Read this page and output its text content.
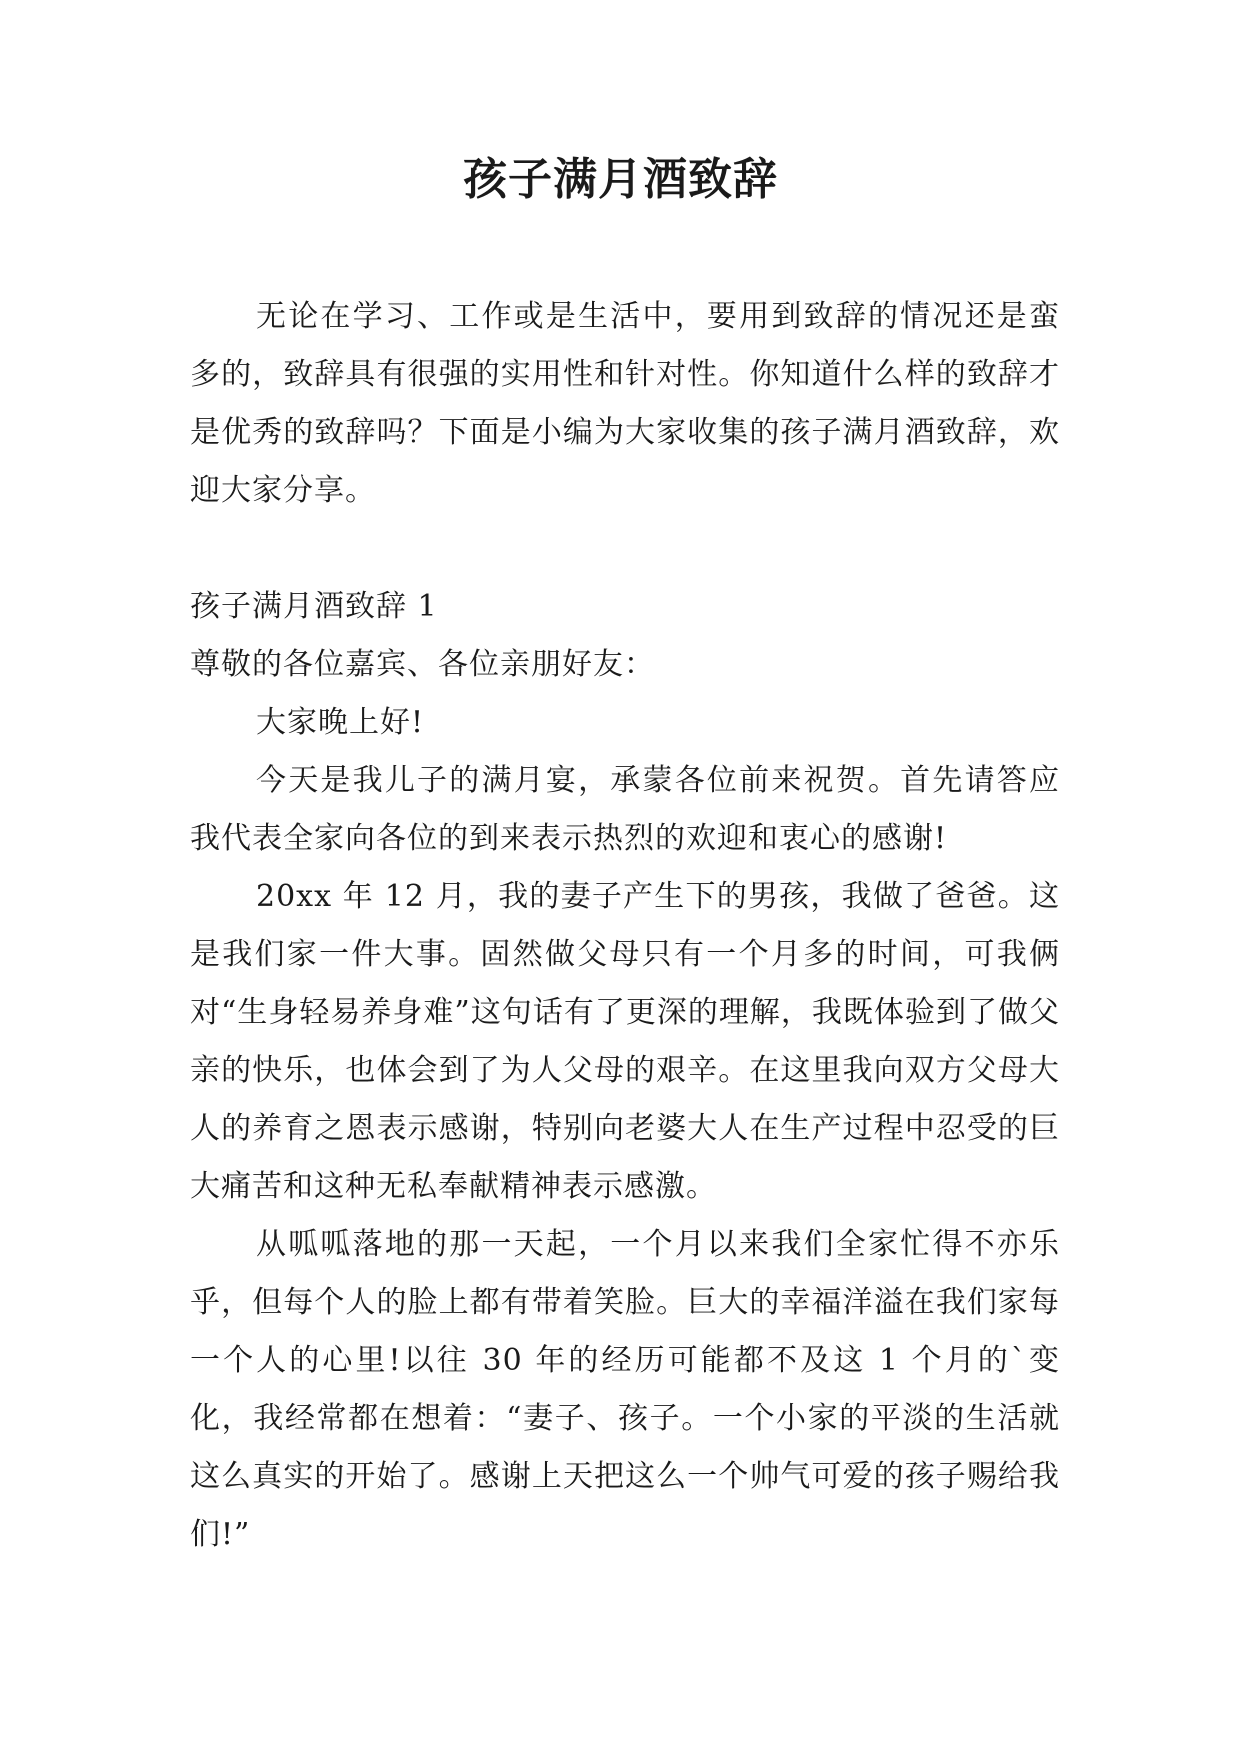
孩子满月酒致辞

无论在学习、工作或是生活中，要用到致辞的情况还是蛮多的，致辞具有很强的实用性和针对性。你知道什么样的致辞才是优秀的致辞吗？下面是小编为大家收集的孩子满月酒致辞，欢迎大家分享。

孩子满月酒致辞 1

尊敬的各位嘉宾、各位亲朋好友：

大家晚上好!

今天是我儿子的满月宴，承蒙各位前来祝贺。首先请答应我代表全家向各位的到来表示热烈的欢迎和衷心的感谢!

20xx 年 12 月，我的妻子产生下的男孩，我做了爸爸。这是我们家一件大事。固然做父母只有一个月多的时间，可我俩对“生身轻易养身难”这句话有了更深的理解，我既体验到了做父亲的快乐，也体会到了为人父母的艰辛。在这里我向双方父母大人的养育之恩表示感谢，特别向老婆大人在生产过程中忍受的巨大痛苦和这种无私奉献精神表示感激。

从呱呱落地的那一天起，一个月以来我们全家忙得不亦乐乎，但每个人的脸上都有带着笑脸。巨大的幸福洋溢在我们家每一个人的心里!以往 30 年的经历可能都不及这 1 个月的`变化，我经常都在想着：“妻子、孩子。一个小家的平淡的生活就这么真实的开始了。感谢上天把这么一个帅气可爱的孩子赐给我们!”
